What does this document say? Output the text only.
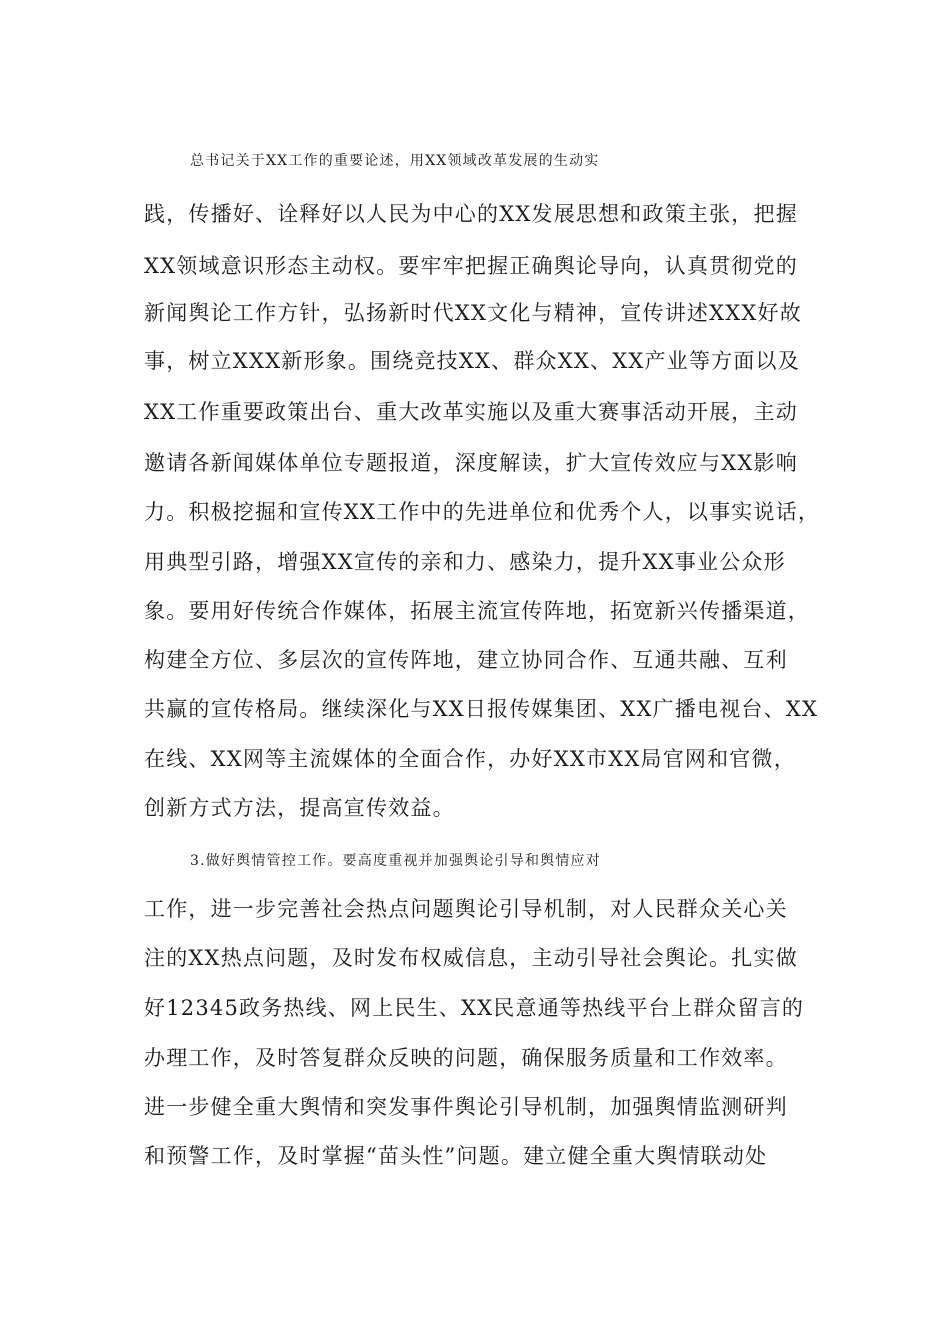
总书记关于XX工作的重要论述，用XX领域改革发展的生动实
践，传播好、诠释好以人民为中心的XX发展思想和政策主张，把握
XX领域意识形态主动权。要牢牢把握正确舆论导向，认真贯彻党的
新闻舆论工作方针，弘扬新时代XX文化与精神，宣传讲述XXX好故
事，树立XXX新形象。围绕竞技XX、群众XX、XX产业等方面以及
XX工作重要政策出台、重大改革实施以及重大赛事活动开展，主动
邀请各新闻媒体单位专题报道，深度解读，扩大宣传效应与XX影响
力。积极挖掘和宣传XX工作中的先进单位和优秀个人，以事实说话，
用典型引路，增强XX宣传的亲和力、感染力，提升XX事业公众形
象。要用好传统合作媒体，拓展主流宣传阵地，拓宽新兴传播渠道，
构建全方位、多层次的宣传阵地，建立协同合作、互通共融、互利
共赢的宣传格局。继续深化与XX日报传媒集团、XX广播电视台、XX
在线、XX网等主流媒体的全面合作，办好XX市XX局官网和官微，
创新方式方法，提高宣传效益。
3.做好舆情管控工作。要高度重视并加强舆论引导和舆情应对
工作，进一步完善社会热点问题舆论引导机制，对人民群众关心关
注的XX热点问题，及时发布权威信息，主动引导社会舆论。扎实做
好12345政务热线、网上民生、XX民意通等热线平台上群众留言的
办理工作，及时答复群众反映的问题，确保服务质量和工作效率。
进一步健全重大舆情和突发事件舆论引导机制，加强舆情监测研判
和预警工作，及时掌握“苗头性”问题。建立健全重大舆情联动处
